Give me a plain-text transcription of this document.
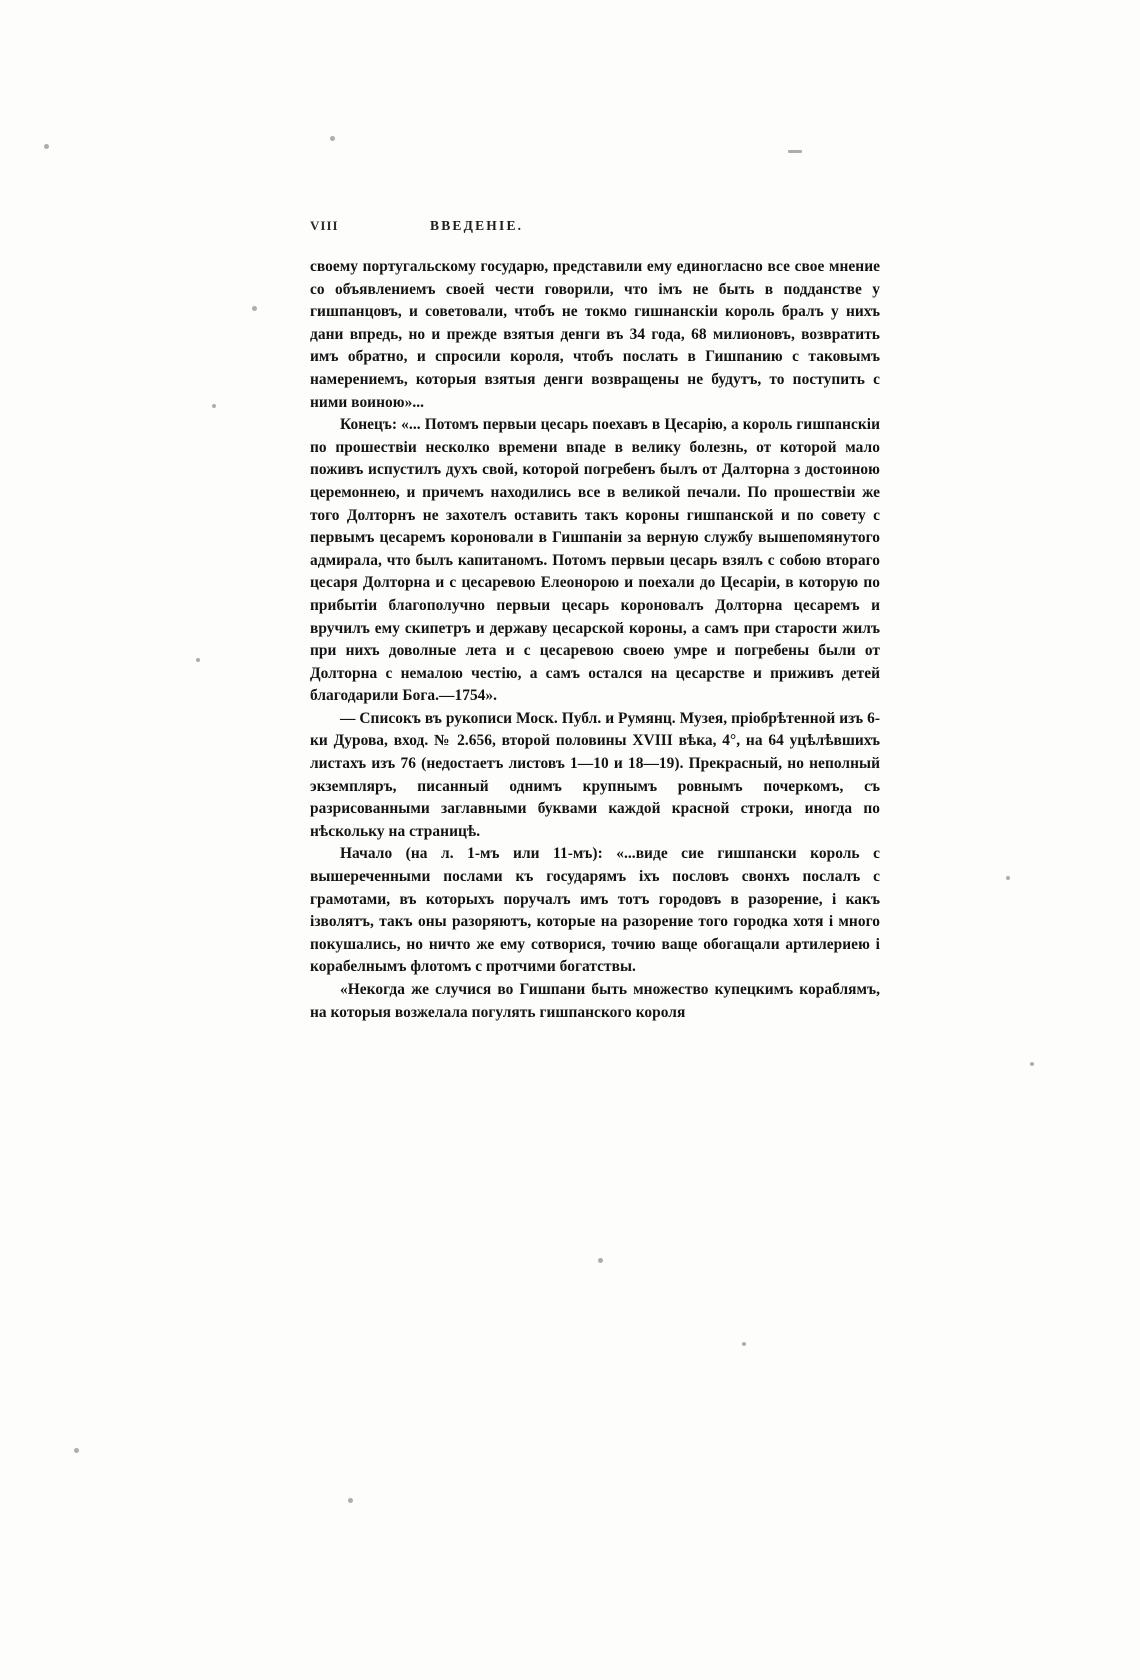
VIII	ВВЕДЕНІЕ.

своему португальскому государю, представили ему единогласно все свое мнение со объявлениемъ своей чести говорили, что імъ не быть в подданстве у гишпанцовъ, и советовали, чтобъ не токмо гишнанскіи король бралъ у нихъ дани впредь, но и прежде взятыя денги въ 34 года, 68 милионовъ, возвратить имъ обратно, и спросили короля, чтобъ послать в Гишпанию с таковымъ намерениемъ, которыя взятыя денги возвращены не будутъ, то поступить с ними воиною»...

Конецъ: «... Потомъ первыи цесарь поехавъ в Цесарію, а король гишпанскіи по прошествіи несколко времени впаде в велику болезнь, от которой мало поживъ испустилъ духъ свой, которой погребенъ былъ от Далторна з достоиною церемоннею, и причемъ находились все в великой печали. По прошествіи же того Долторнъ не захотелъ оставить такъ короны гишпанской и по совету с первымъ цесаремъ короновали в Гишпаніи за верную службу вышепомянутого адмирала, что былъ капитаномъ. Потомъ первыи цесарь взялъ с собою втораго цесаря Долторна и с цесаревою Елеонорою и поехали до Цесаріи, в которую по прибытіи благополучно первыи цесарь короновалъ Долторна цесаремъ и вручилъ ему скипетръ и державу цесарской короны, а самъ при старости жилъ при нихъ доволные лета и с цесаревою своею умре и погребены были от Долторна с немалою честію, а самъ остался на цесарстве и приживъ детей благодарили Бога.—1754».

— Списокъ въ рукописи Моск. Публ. и Румянц. Музея, пріобрѣтенной изъ 6-ки Дурова, вход. № 2.656, второй половины XVIII вѣка, 4°, на 64 уцѣлѣвшихъ листахъ изъ 76 (недостаетъ листовъ 1—10 и 18—19). Прекрасный, но неполный экземпляръ, писанный однимъ крупнымъ ровнымъ почеркомъ, съ разрисованными заглавными буквами каждой красной строки, иногда по нѣскольку на страницѣ.

Начало (на л. 1-мъ или 11-мъ): «...виде сие гишпански король с вышереченными послами къ государямъ іхъ пословъ свонхъ послалъ с грамотами, въ которыхъ поручалъ имъ тотъ городовъ в разорение, і какъ ізволятъ, такъ оны разоряютъ, которые на разорение того городка хотя і много покушались, но ничто же ему сотворися, точию ваще обогащали артилериею і корабелнымъ флотомъ с протчими богатствы.

«Некогда же случися во Гишпани быть множество купецкимъ кораблямъ, на которыя возжелала погулять гишпанского короля
